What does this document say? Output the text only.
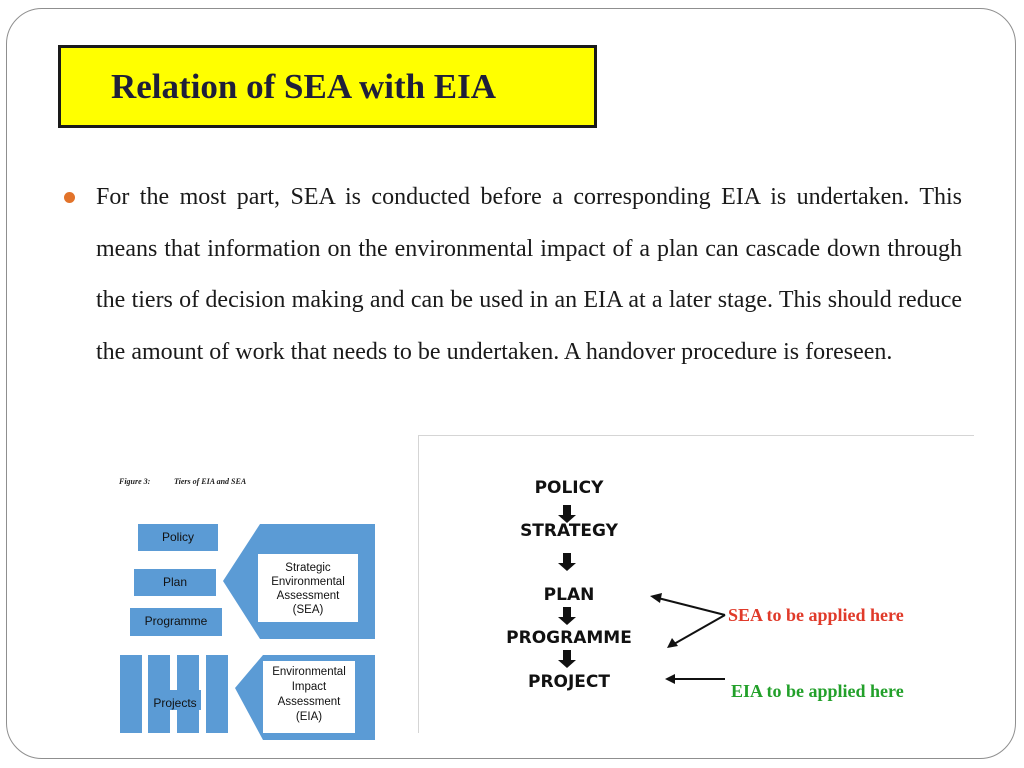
Relation of SEA with EIA
For the most part, SEA is conducted before a corresponding EIA is undertaken. This means that information on the environmental impact of a plan can cascade down through the tiers of decision making and can be used in an EIA at a later stage. This should reduce the amount of work that needs to be undertaken. A handover procedure is foreseen.
Figure 3:	Tiers of EIA and SEA
Policy
Plan
Programme
Projects
Strategic
Environmental
Assessment
(SEA)
Environmental
Impact
Assessment
(EIA)
POLICY
STRATEGY
PLAN
PROGRAMME
PROJECT
SEA to be applied here
EIA to be applied here
